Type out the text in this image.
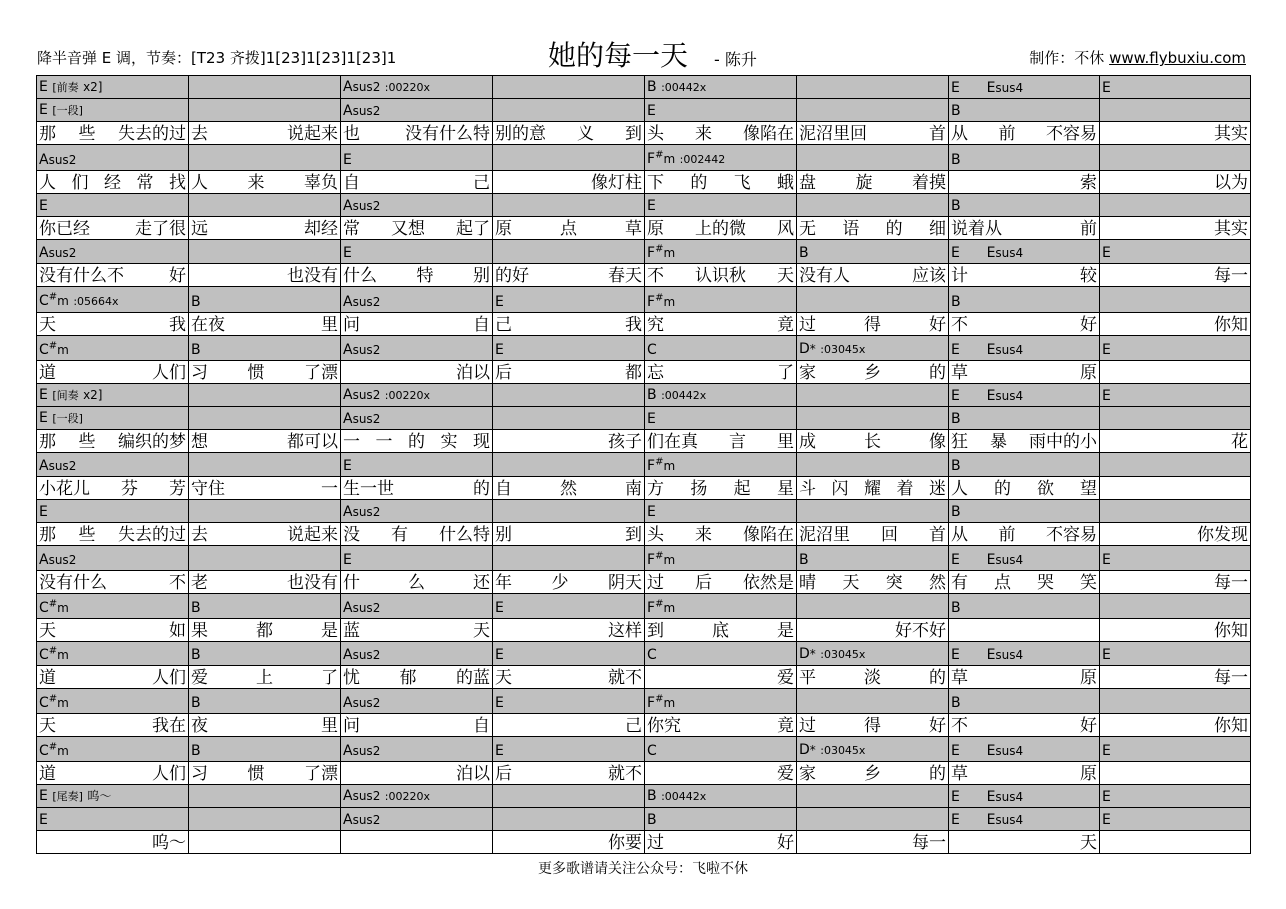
降半音弹 E 调，节奏：[T23 齐拨]1[23]1[23]1[23]1	她的每一天 - 陈升	制作：不休 www.flybuxiu.com
E [前奏 x2]		Asus2 :00220x		B :00442x		E Esus4	E
E [一段]		Asus2		E		B	

那 些 失去的过	去 说起来	也 没有什么特	别的意 义 到	头 来 像陷在	泥沼里回 首	从 前 不容易	其实

Asus2		E		F#m :002442		B	

人 们 经 常 找	人 来 辜负	自 己	像灯柱	下 的 飞 蛾	盘 旋 着摸	索	以为

E		Asus2		E		B	

你已经 走了很	远 却经	常 又想 起了	原 点 草	原 上的微 风	无 语 的 细	说着从 前	其实

Asus2		E		F#m	B	E Esus4	E

没有什么不 好	也没有	什么 特 别	的好 春天	不 认识秋 天	没有人 应该	计 较	每一

C#m :05664x	B	Asus2	E	F#m		B	

天 我	在夜 里	问 自	己 我	究 竟	过 得 好	不 好	你知

C#m	B	Asus2	E	C	D* :03045x	E Esus4	E

道 人们	习 惯 了漂	泊以	后 都	忘 了	家 乡 的	草 原	

E [间奏 x2]		Asus2 :00220x		B :00442x		E Esus4	E
E [一段]		Asus2		E		B	

那 些 编织的梦	想 都可以	一 一 的 实 现	孩子	们在真 言 里	成 长 像	狂 暴 雨中的小	花

Asus2		E		F#m		B	

小花儿 芬 芳	守住 一	生一世 的	自 然 南	方 扬 起 星	斗 闪 耀 着 迷	人 的 欲 望	

E		Asus2		E		B	

那 些 失去的过	去 说起来	没 有 什么特	别 到	头 来 像陷在	泥沼里 回 首	从 前 不容易	你发现

Asus2		E		F#m	B	E Esus4	E

没有什么 不	老 也没有	什 么 还	年 少 阴天	过 后 依然是	晴 天 突 然	有 点 哭 笑	每一

C#m	B	Asus2	E	F#m		B	

天 如	果 都 是	蓝 天	这样	到 底 是	好不好		你知

C#m	B	Asus2	E	C	D* :03045x	E Esus4	E

道 人们	爱 上 了	忧 郁 的蓝	天 就不	爱	平 淡 的	草 原	每一

C#m	B	Asus2	E	F#m		B	

天 我在	夜 里	问 自	己	你究 竟	过 得 好	不 好	你知

C#m	B	Asus2	E	C	D* :03045x	E Esus4	E

道 人们	习 惯 了漂	泊以	后 就不	爱	家 乡 的	草 原	

E [尾奏] 呜～		Asus2 :00220x		B :00442x		E Esus4	E
E		Asus2		B		E Esus4	E

呜～			你要	过 好	每一	天	

更多歌谱请关注公众号：飞啦不休
